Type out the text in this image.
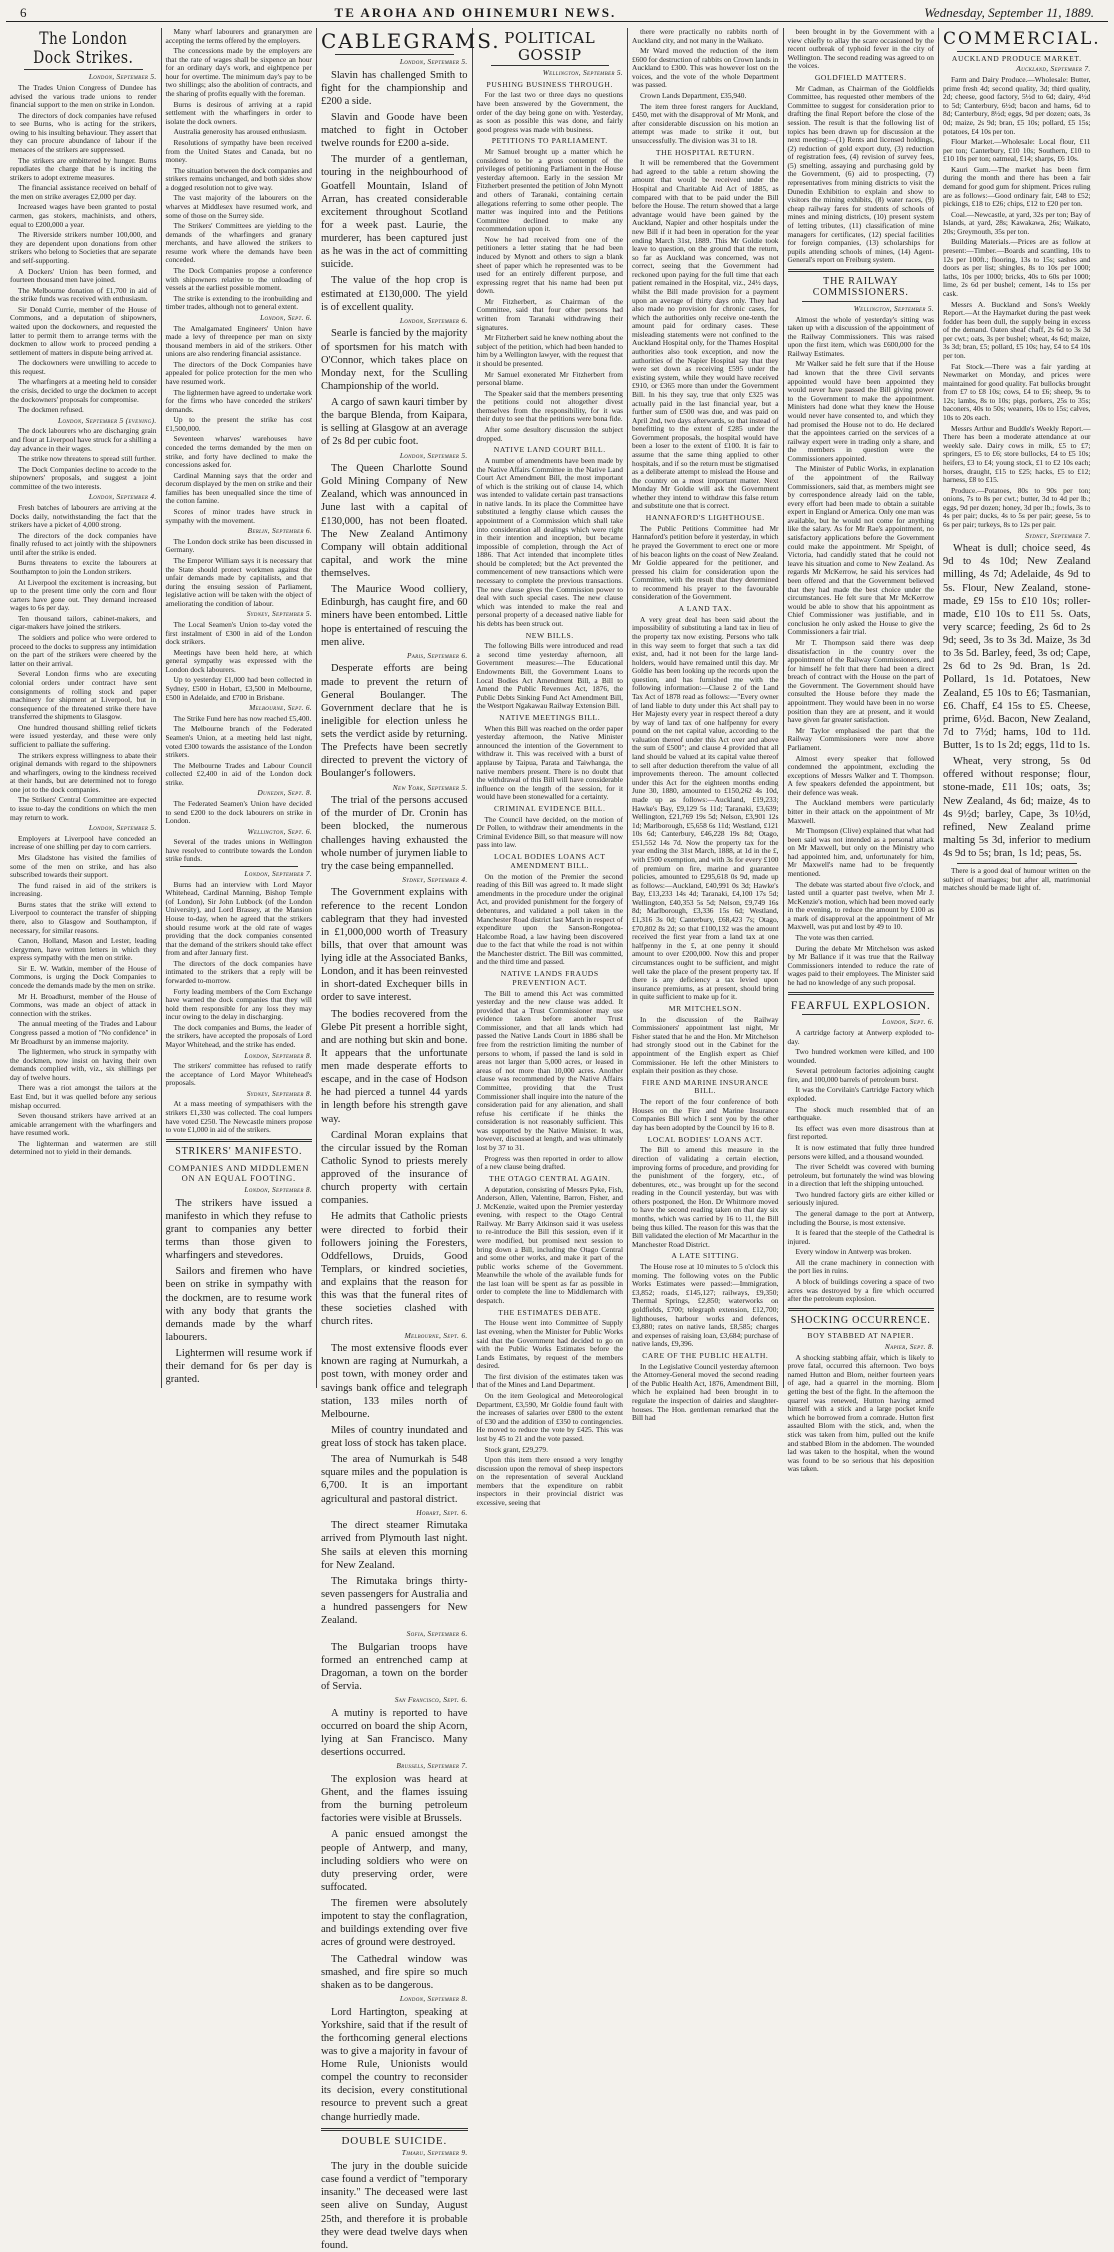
6	TE AROHA AND OHINEMURI NEWS.	Wednesday, September 11, 1889.
The London Dock Strikes.
London, September 5.

The Trades Union Congress of Dundee has advised the various trade unions to render financial support to the men on strike in London.

The directors of dock companies have refused to see Burns, who is acting for the strikers, owing to his insulting behaviour. They assert that they can procure abundance of labour if the menaces of the strikers are suppressed.

The strikers are embittered by hunger. Burns repudiates the charge that he is inciting the strikers to adopt extreme measures.

The financial assistance received on behalf of the men on strike averages £2,000 per day.

Increased wages have been granted to postal carmen, gas stokers, machinists, and others, equal to £200,000 a year.

The Riverside strikers number 100,000, and they are dependent upon donations from other strikers who belong to Societies that are separate and self-supporting.

A Dockers' Union has been formed, and fourteen thousand men have joined.

The Melbourne donation of £1,700 in aid of the strike funds was received with enthusiasm.

Sir Donald Currie, member of the House of Commons, and a deputation of shipowners, waited upon the dockowners, and requested the latter to permit them to arrange terms with the dockmen to allow work to proceed pending a settlement of matters in dispute being arrived at.

The dockowners were unwilling to accede to this request.

The wharfingers at a meeting held to consider the crisis, decided to urge the dockmen to accept the dockowners' proposals for compromise.

The dockmen refused.

London, September 5 (evening).

The dock labourers who are discharging grain and flour at Liverpool have struck for a shilling a day advance in their wages.

The strike now threatens to spread still further.

The Dock Companies decline to accede to the shipowners' proposals, and suggest a joint committee of the two interests.

London, September 4.

Fresh batches of labourers are arriving at the Docks daily, notwithstanding the fact that the strikers have a picket of 4,000 strong.

The directors of the dock companies have finally refused to act jointly with the shipowners until after the strike is ended.

Burns threatens to excite the labourers at Southampton to join the London strikers.

At Liverpool the excitement is increasing, but up to the present time only the corn and flour carters have gone out. They demand increased wages to 6s per day.

Ten thousand tailors, cabinet-makers, and cigar-makers have joined the strikers.

The soldiers and police who were ordered to proceed to the docks to suppress any intimidation on the part of the strikers were cheered by the latter on their arrival.

Several London firms who are executing colonial orders under contract have sent consignments of rolling stock and paper machinery for shipment at Liverpool, but in consequence of the threatened strike there have transferred the shipments to Glasgow.

One hundred thousand shilling relief tickets were issued yesterday, and these were only sufficient to palliate the suffering.

The strikers express willingness to abate their original demands with regard to the shipowners and wharfingers, owing to the kindness received at their hands, but are determined not to forego one jot to the dock companies.

The Strikers' Central Committee are expected to issue to-day the conditions on which the men may return to work.

London, September 5.

Employers at Liverpool have conceded an increase of one shilling per day to corn carriers.

Mrs Gladstone has visited the families of some of the men on strike, and has also subscribed towards their support.

The fund raised in aid of the strikers is increasing.

Burns states that the strike will extend to Liverpool to counteract the transfer of shipping there, also to Glasgow and Southampton, if necessary, for similar reasons.

Canon, Holland, Mason and Lester, leading clergymen, have written letters in which they express sympathy with the men on strike.

Sir E. W. Watkin, member of the House of Commons, is urging the Dock Companies to concede the demands made by the men on strike.

Mr H. Broadhurst, member of the House of Commons, was made an object of attack in connection with the strikes.

The annual meeting of the Trades and Labour Congress passed a motion of "No confidence" in Mr Broadhurst by an immense majority.

The lightermen, who struck in sympathy with the dockmen, now insist on having their own demands complied with, viz., six shillings per day of twelve hours.

There was a riot amongst the tailors at the East End, but it was quelled before any serious mishap occurred.

Seven thousand strikers have arrived at an amicable arrangement with the wharfingers and have resumed work.

The lighterman and watermen are still determined not to yield in their demands.

Many wharf labourers and granarymen are accepting the terms offered by the employers.

The concessions made by the employers are that the rate of wages shall be sixpence an hour for an ordinary day's work, and eightpence per hour for overtime. The minimum day's pay to be two shillings; also the abolition of contracts, and the sharing of profits equally with the foreman.

Burns is desirous of arriving at a rapid settlement with the wharfingers in order to isolate the dock owners.

Australia generosity has aroused enthusiasm.

Resolutions of sympathy have been received from the United States and Canada, but no money.

The situation between the dock companies and strikers remains unchanged, and both sides show a dogged resolution not to give way.

The vast majority of the labourers on the wharves at Middlesex have resumed work, and some of those on the Surrey side.

The Strikers' Committees are yielding to the demands of the wharfingers and granary merchants, and have allowed the strikers to resume work where the demands have been conceded.

The Dock Companies propose a conference with shipowners relative to the unloading of vessels at the earliest possible moment.

The strike is extending to the ironbuilding and timber trades, although not to general extent.

London, Sept. 6.

The Amalgamated Engineers' Union have made a levy of threepence per man on sixty thousand members in aid of the strikers. Other unions are also rendering financial assistance.

The directors of the Dock Companies have appealed for police protection for the men who have resumed work.

The lightermen have agreed to undertake work for the firms who have conceded the strikers' demands.

Up to the present the strike has cost £1,500,000.

Seventeen wharves' warehouses have conceded the terms demanded by the men on strike, and forty have declined to make the concessions asked for.

Cardinal Manning says that the order and decorum displayed by the men on strike and their families has been unequalled since the time of the cotton famine.

Scores of minor trades have struck in sympathy with the movement.

Berlin, September 6.

The London dock strike has been discussed in Germany.

The Emperor William says it is necessary that the State should protect workmen against the unfair demands made by capitalists, and that during the ensuing session of Parliament, legislative action will be taken with the object of ameliorating the condition of labour.

Sydney, September 5.

The Local Seamen's Union to-day voted the first instalment of £300 in aid of the London dock strikers.

Meetings have been held here, at which general sympathy was expressed with the London dock labourers.

Up to yesterday £1,000 had been collected in Sydney, £500 in Hobart, £3,500 in Melbourne, £500 in Adelaide, and £700 in Brisbane.

Melbourne, Sept. 6.

The Strike Fund here has now reached £5,400.

The Melbourne branch of the Federated Seamen's Union, at a meeting held last night, voted £300 towards the assistance of the London strikers.

The Melbourne Trades and Labour Council collected £2,400 in aid of the London dock strike.

Dunedin, Sept. 8.

The Federated Seamen's Union have decided to send £200 to the dock labourers on strike in London.

Wellington, Sept. 6.

Several of the trades unions in Wellington have resolved to contribute towards the London strike funds.

London, September 7.

Burns had an interview with Lord Mayor Whitehead, Cardinal Manning, Bishop Temple (of London), Sir John Lubbock (of the London University), and Lord Brassey, at the Mansion House to-day, when he agreed that the strikers should resume work at the old rate of wages providing that the dock companies consented that the demand of the strikers should take effect from and after January first.

The directors of the dock companies have intimated to the strikers that a reply will be forwarded to-morrow.

Forty leading members of the Corn Exchange have warned the dock companies that they will hold them responsible for any loss they may incur owing to the delay in discharging.

The dock companies and Burns, the leader of the strikers, have accepted the proposals of Lord Mayor Whitehead, and the strike has ended.

London, September 8.

The strikers' committee has refused to ratify the acceptance of Lord Mayor Whitehead's proposals.

Sydney, September 8.

At a mass meeting of sympathisers with the strikers £1,330 was collected. The coal lumpers have voted £250. The Newcastle miners propose to vote £1,000 in aid of the strikers.

STRIKERS' MANIFESTO.
COMPANIES AND MIDDLEMEN ON AN EQUAL FOOTING.
London, September 8.

The strikers have issued a manifesto in which they refuse to grant to companies any better terms than those given to wharfingers and stevedores.

Sailors and firemen who have been on strike in sympathy with the dockmen, are to resume work with any body that grants the demands made by the wharf labourers.

Lightermen will resume work if their demand for 6s per day is granted.

CABLEGRAMS.
London, September 5.

Slavin has challenged Smith to fight for the championship and £200 a side.

Slavin and Goode have been matched to fight in October twelve rounds for £200 a-side.

The murder of a gentleman, touring in the neighbourhood of Goatfell Mountain, Island of Arran, has created considerable excitement throughout Scotland for a week past. Laurie, the murderer, has been captured just as he was in the act of committing suicide.

The value of the hop crop is estimated at £130,000. The yield is of excellent quality.

London, September 6.

Searle is fancied by the majority of sportsmen for his match with O'Connor, which takes place on Monday next, for the Sculling Championship of the world.

A cargo of sawn kauri timber by the barque Blenda, from Kaipara, is selling at Glasgow at an average of 2s 8d per cubic foot.

London, September 5.

The Queen Charlotte Sound Gold Mining Company of New Zealand, which was announced in June last with a capital of £130,000, has not been floated. The New Zealand Antimony Company will obtain additional capital, and work the mine themselves.

The Maurice Wood colliery, Edinburgh, has caught fire, and 60 miners have been entombed. Little hope is entertained of rescuing the men alive.

Paris, September 6.

Desperate efforts are being made to prevent the return of General Boulanger. The Government declare that he is ineligible for election unless he sets the verdict aside by returning. The Prefects have been secretly directed to prevent the victory of Boulanger's followers.

New York, September 5.

The trial of the persons accused of the murder of Dr. Cronin has been blocked, the numerous challenges having exhausted the whole number of jurymen liable to try the case being empannelled.

Sydney, September 4.

The Government explains with reference to the recent London cablegram that they had invested in £1,000,000 worth of Treasury bills, that over that amount was lying idle at the Associated Banks, London, and it has been reinvested in short-dated Exchequer bills in order to save interest.

The bodies recovered from the Glebe Pit present a horrible sight, and are nothing but skin and bone. It appears that the unfortunate men made desperate efforts to escape, and in the case of Hodson he had pierced a tunnel 44 yards in length before his strength gave way.

Cardinal Moran explains that the circular issued by the Roman Catholic Synod to priests merely approved of the insurance of church property with certain companies.

He admits that Catholic priests were directed to forbid their followers joining the Foresters, Oddfellows, Druids, Good Templars, or kindred societies, and explains that the reason for this was that the funeral rites of these societies clashed with church rites.

Melbourne, Sept. 6.

The most extensive floods ever known are raging at Numurkah, a post town, with money order and savings bank office and telegraph station, 133 miles north of Melbourne.

Miles of country inundated and great loss of stock has taken place.

The area of Numurkah is 548 square miles and the population is 6,700. It is an important agricultural and pastoral district.

Hobart, Sept. 6.

The direct steamer Rimutaka arrived from Plymouth last night. She sails at eleven this morning for New Zealand.

The Rimutaka brings thirty-seven passengers for Australia and a hundred passengers for New Zealand.

Sofia, September 6.

The Bulgarian troops have formed an entrenched camp at Dragoman, a town on the border of Servia.

San Francisco, Sept. 6.

A mutiny is reported to have occurred on board the ship Acorn, lying at San Francisco. Many desertions occurred.

Brussels, September 7.

The explosion was heard at Ghent, and the flames issuing from the burning petroleum factories were visible at Brussels.

A panic ensued amongst the people of Antwerp, and many, including soldiers who were on duty preserving order, were suffocated.

The firemen were absolutely impotent to stay the conflagration, and buildings extending over five acres of ground were destroyed.

The Cathedral window was smashed, and fire spire so much shaken as to be dangerous.

London, September 8.

Lord Hartington, speaking at Yorkshire, said that if the result of the forthcoming general elections was to give a majority in favour of Home Rule, Unionists would compel the country to reconsider its decision, every constitutional resource to prevent such a great change hurriedly made.

DOUBLE SUICIDE.
Timaru, September 9.

The jury in the double suicide case found a verdict of "temporary insanity." The deceased were last seen alive on Sunday, August 25th, and therefore it is probable they were dead twelve days when found.

POLITICAL GOSSIP
Wellington, September 5.
PUSHING BUSINESS THROUGH.

For the last two or three days no questions have been answered by the Government, the order of the day being gone on with. Yesterday, as soon as possible this was done, and fairly good progress was made with business.

PETITIONS TO PARLIAMENT.

Mr Samuel brought up a matter which he considered to be a gross contempt of the privileges of petitioning Parliament in the House yesterday afternoon. Early in the session Mr Fitzherbert presented the petition of John Mynott and others of Taranaki, containing certain allegations referring to some other people. The matter was inquired into and the Petitions Committee declined to make any recommendation upon it.

Now he had received from one of the petitioners a letter stating that he had been induced by Mynott and others to sign a blank sheet of paper which he represented was to be used for an entirely different purpose, and expressing regret that his name had been put down.

Mr Fitzherbert, as Chairman of the Committee, said that four other persons had written from Taranaki withdrawing their signatures.

Mr Fitzherbert said he knew nothing about the subject of the petition, which had been handed to him by a Wellington lawyer, with the request that it should be presented.

Mr Samuel exonerated Mr Fitzherbert from personal blame.

The Speaker said that the members presenting the petitions could not altogether divest themselves from the responsibility, for it was their duty to see that the petitions were bona fide.

After some desultory discussion the subject dropped.

NATIVE LAND COURT BILL.

A number of amendments have been made by the Native Affairs Committee in the Native Land Court Act Amendment Bill, the most important of which is the striking out of clause 14, which was intended to validate certain past transactions in native lands. In its place the Committee have substituted a lengthy clause which causes the appointment of a Commission which shall take into consideration all dealings which were right in their intention and inception, but became impossible of completion, through the Act of 1886. That Act intended that incomplete titles should be completed; but the Act prevented the commencement of new transactions which were necessary to complete the previous transactions. The new clause gives the Commission power to deal with such special cases. The new clause which was intended to make the real and personal property of a deceased native liable for his debts has been struck out.

NEW BILLS.

The following Bills were introduced and read a second time yesterday afternoon, all Government measures:—The Educational Endowments Bill, the Government Loans to Local Bodies Act Amendment Bill, a Bill to Amend the Public Revenues Act, 1876, the Public Debts Sinking Fund Act Amendment Bill, the Westport Ngakawau Railway Extension Bill.

NATIVE MEETINGS BILL.

When this Bill was reached on the order paper yesterday afternoon, the Native Minister announced the intention of the Government to withdraw it. This was received with a burst of applause by Taipua, Parata and Taiwhanga, the native members present. There is no doubt that the withdrawal of this Bill will have considerable influence on the length of the session, for it would have been stonewalled for a certainty.

CRIMINAL EVIDENCE BILL.

The Council have decided, on the motion of Dr Pollen, to withdraw their amendments in the Criminal Evidence Bill, so that measure will now pass into law.

LOCAL BODIES LOANS ACT AMENDMENT BILL.

On the motion of the Premier the second reading of this Bill was agreed to. It made slight amendments in the procedure under the original Act, and provided punishment for the forgery of debentures, and validated a poll taken in the Manchester Road district last March in respect of expenditure upon the Sanson-Rongotea-Halcombe Road, a law having been discovered due to the fact that while the road is not within the Manchester district. The Bill was committed, and the third time and passed.

NATIVE LANDS FRAUDS PREVENTION ACT.

The Bill to amend this Act was committed yesterday and the new clause was added. It provided that a Trust Commissioner may use evidence taken before another Trust Commissioner, and that all lands which had passed the Native Lands Court in 1886 shall be free from the restriction limiting the number of persons to whom, if passed the land is sold in areas not larger than 5,000 acres, or leased in areas of not more than 10,000 acres. Another clause was recommended by the Native Affairs Committee, providing that the Trust Commissioner shall inquire into the nature of the consideration paid for any alienation, and shall refuse his certificate if he thinks the consideration is not reasonably sufficient. This was supported by the Native Minister. It was, however, discussed at length, and was ultimately lost by 37 to 31.

Progress was then reported in order to allow of a new clause being drafted.

THE OTAGO CENTRAL AGAIN.

A deputation, consisting of Messrs Pyke, Fish, Anderson, Allen, Valentine, Barron, Fisher, and J. McKenzie, waited upon the Premier yesterday evening, with respect to the Otago Central Railway. Mr Barry Atkinson said it was useless to re-introduce the Bill this session, even if it were modified, but promised next session to bring down a Bill, including the Otago Central and some other works, and make it part of the public works scheme of the Government. Meanwhile the whole of the available funds for the last loan will be spent as far as possible in order to complete the line to Middlemarch with despatch.

THE ESTIMATES DEBATE.

The House went into Committee of Supply last evening, when the Minister for Public Works said that the Government had decided to go on with the Public Works Estimates before the Lands Estimates, by request of the members desired.

The first division of the estimates taken was that of the Mines and Land Department.

On the item Geological and Meteorological Department, £3,590, Mr Goldie found fault with the increases of salaries over £800 to the extent of £30 and the addition of £350 to contingencies. He moved to reduce the vote by £425. This was lost by 45 to 21 and the vote passed.

Stock grant, £29,279.

Upon this item there ensued a very lengthy discussion upon the removal of sheep inspectors on the representation of several Auckland members that the expenditure on rabbit inspectors in their provincial district was excessive, seeing that

there were practically no rabbits north of Auckland city, and not many in the Waikato.

Mr Ward moved the reduction of the item £600 for destruction of rabbits on Crown lands in Auckland to £300. This was however lost on the voices, and the vote of the whole Department was passed.

Crown Lands Department, £35,940.

The item three forest rangers for Auckland, £450, met with the disapproval of Mr Monk, and after considerable discussion on his motion an attempt was made to strike it out, but unsuccessfully. The division was 31 to 18.

THE HOSPITAL RETURN.

It will be remembered that the Government had agreed to the table a return showing the amount that would be received under the Hospital and Charitable Aid Act of 1885, as compared with that to be paid under the Bill before the House. The return showed that a large advantage would have been gained by the Auckland, Napier and other hospitals under the new Bill if it had been in operation for the year ending March 31st, 1889. This Mr Goldie took leave to question, on the ground that the return, so far as Auckland was concerned, was not correct, seeing that the Government had reckoned upon paying for the full time that each patient remained in the Hospital, viz., 24½ days, whilst the Bill made provision for a payment upon an average of thirty days only. They had also made no provision for chronic cases, for which the authorities only receive one-tenth the amount paid for ordinary cases. These misleading statements were not confined to the Auckland Hospital only, for the Thames Hospital authorities also took exception, and now the authorities of the Napier Hospital say that they were set down as receiving £595 under the existing system, while they would have received £910, or £365 more than under the Government Bill. In his they say, true that only £325 was actually paid in the last financial year, but a further sum of £500 was due, and was paid on April 2nd, two days afterwards, so that instead of benefitting to the extent of £285 under the Government proposals, the hospital would have been a loser to the extent of £100. It is fair to assume that the same thing applied to other hospitals, and if so the return must be stigmatised as a deliberate attempt to mislead the House and the country on a most important matter. Next Monday Mr Goldie will ask the Government whether they intend to withdraw this false return and substitute one that is correct.

HANNAFORD'S LIGHTHOUSE.

The Public Petitions Committee had Mr Hannaford's petition before it yesterday, in which he prayed the Government to erect one or more of his beacon lights on the coast of New Zealand. Mr Goldie appeared for the petitioner, and pressed his claim for consideration upon the Committee, with the result that they determined to recommend his prayer to the favourable consideration of the Government.

A LAND TAX.

A very great deal has been said about the impossibility of substituting a land tax in lieu of the property tax now existing. Persons who talk in this way seem to forget that such a tax did exist, and, had it not been for the large land-holders, would have remained until this day. Mr Goldie has been looking up the records upon the question, and has furnished me with the following information:—Clause 2 of the Land Tax Act of 1878 read as follows:—"Every owner of land liable to duty under this Act shall pay to Her Majesty every year in respect thereof a duty by way of land tax of one halfpenny for every pound on the net capital value, according to the valuation thereof under this Act over and above the sum of £500"; and clause 4 provided that all land should be valued at its capital value thereof to sell after deduction therefrom the value of all improvements thereon. The amount collected under this Act for the eighteen months ending June 30, 1880, amounted to £150,262 4s 10d, made up as follows:—Auckland, £19,233; Hawke's Bay, £9,129 5s 11d; Taranaki, £3,639; Wellington, £21,769 19s 5d; Nelson, £3,901 12s 1d; Marlborough, £5,658 6s 11d; Westland, £121 10s 6d; Canterbury, £46,228 19s 8d; Otago, £51,552 14s 7d. Now the property tax for the year ending the 31st March, 1888, at 1d in the £, with £500 exemption, and with 3s for every £100 of premium on fire, marine and guarantee policies, amounted to £295,618 0s 9d, made up as follows:—Auckland, £40,991 0s 3d; Hawke's Bay, £13,233 14s 4d; Taranaki, £4,100 17s 5d; Wellington, £40,353 5s 5d; Nelson, £9,749 16s 8d; Marlborough, £3,336 15s 6d; Westland, £1,316 3s 0d; Canterbury, £68,423 7s; Otago, £70,802 8s 2d; so that £100,132 was the amount received the first year from a land tax at one halfpenny in the £, at one penny it should amount to over £200,000. Now this and proper circumstances ought to be sufficient, and might well take the place of the present property tax. If there is any deficiency a tax levied upon insurance premiums, as at present, should bring in quite sufficient to make up for it.

MR MITCHELSON.

In the discussion of the Railway Commissioners' appointment last night, Mr Fisher stated that he and the Hon. Mr Mitchelson had strongly stood out in the Cabinet for the appointment of the English expert as Chief Commissioner. He left the other Ministers to explain their position as they chose.

FIRE AND MARINE INSURANCE BILL.

The report of the four conference of both Houses on the Fire and Marine Insurance Companies Bill which I sent you by the other day has been adopted by the Council by 16 to 8.

LOCAL BODIES' LOANS ACT.

The Bill to amend this measure in the direction of validating a certain election, improving forms of procedure, and providing for the punishment of the forgery, etc., of debentures, etc., was brought up for the second reading in the Council yesterday, but was with others postponed, the Hon. Dr Whitmore moved to have the second reading taken on that day six months, which was carried by 16 to 11, the Bill being thus killed. The reason for this was that the Bill validated the election of Mr Macarthur in the Manchester Road District.

A LATE SITTING.

The House rose at 10 minutes to 5 o'clock this morning. The following votes on the Public Works Estimates were passed:—Immigration, £3,852; roads, £145,127; railways, £9,350; Thermal Springs, £2,850; waterworks on goldfields, £700; telegraph extension, £12,700; lighthouses, harbour works and defences, £3,880; rates on native lands, £8,585; charges and expenses of raising loan, £3,684; purchase of native lands, £9,396.

CARE OF THE PUBLIC HEALTH.

In the Legislative Council yesterday afternoon the Attorney-General moved the second reading of the Public Health Act, 1876, Amendment Bill, which he explained had been brought in to regulate the inspection of dairies and slaughter-houses. The Hon. gentleman remarked that the Bill had

been brought in by the Government with a view chiefly to allay the scare occasioned by the recent outbreak of typhoid fever in the city of Wellington. The second reading was agreed to on the voices.

GOLDFIELD MATTERS.

Mr Cadman, as Chairman of the Goldfields Committee, has requested other members of the Committee to suggest for consideration prior to drafting the final Report before the close of the session. The result is that the following list of topics has been drawn up for discussion at the next meeting:—(1) Rents and licensed holdings, (2) reduction of gold export duty, (3) reduction of registration fees, (4) revision of survey fees, (5) smelting, assaying and purchasing gold by the Government, (6) aid to prospecting, (7) representatives from mining districts to visit the Dunedin Exhibition to explain and show to visitors the mining exhibits, (8) water races, (9) cheap railway fares for students of schools of mines and mining districts, (10) present system of letting tributes, (11) classification of mine managers for certificates, (12) special facilities for foreign companies, (13) scholarships for pupils attending schools of mines, (14) Agent-General's report on Freiburg system.

THE RAILWAY COMMISSIONERS.
Wellington, September 5.

Almost the whole of yesterday's sitting was taken up with a discussion of the appointment of the Railway Commissioners. This was raised upon the first item, which was £600,000 for the Railway Estimates.

Mr Walker said he felt sure that if the House had known that the three Civil servants appointed would have been appointed they would never have passed the Bill giving power to the Government to make the appointment. Ministers had done what they knew the House would never have consented to, and which they had promised the House not to do. He declared that the appointees carried on the services of a railway expert were in trading only a share, and the members in question were the Commissioners appointed.

The Minister of Public Works, in explanation of the appointment of the Railway Commissioners, said that, as members might see by correspondence already laid on the table, every effort had been made to obtain a suitable expert in England or America. Only one man was available, but he would not come for anything like the salary. As for Mr Rae's appointment, no satisfactory applications before the Government could make the appointment. Mr Speight, of Victoria, had candidly stated that he could not leave his situation and come to New Zealand. As regards Mr McKerrow, he said his services had been offered and that the Government believed that they had made the best choice under the circumstances. He felt sure that Mr McKerrow would be able to show that his appointment as Chief Commissioner was justifiable, and in conclusion he only asked the House to give the Commissioners a fair trial.

Mr T. Thompson said there was deep dissatisfaction in the country over the appointment of the Railway Commissioners, and for himself he felt that there had been a direct breach of contract with the House on the part of the Government. The Government should have consulted the House before they made the appointment. They would have been in no worse position than they are at present, and it would have given far greater satisfaction.

Mr Taylor emphasised the part that the Railway Commissioners were now above Parliament.

Almost every speaker that followed condemned the appointment, excluding the exceptions of Messrs Walker and T. Thompson. A few speakers defended the appointment, but their defence was weak.

The Auckland members were particularly bitter in their attack on the appointment of Mr Maxwell.

Mr Thompson (Clive) explained that what had been said was not intended as a personal attack on Mr Maxwell, but only on the Ministry who had appointed him, and, unfortunately for him, Mr Maxwell's name had to be frequently mentioned.

The debate was started about five o'clock, and lasted until a quarter past twelve, when Mr J. McKenzie's motion, which had been moved early in the evening, to reduce the amount by £100 as a mark of disapproval at the appointment of Mr Maxwell, was put and lost by 49 to 10.

The vote was then carried.

During the debate Mr Mitchelson was asked by Mr Ballance if it was true that the Railway Commissioners intended to reduce the rate of wages paid to their employees. The Minister said he had no knowledge of any such proposal.

FEARFUL EXPLOSION.
London, Sept. 6.

A cartridge factory at Antwerp exploded to-day.

Two hundred workmen were killed, and 100 wounded.

Several petroleum factories adjoining caught fire, and 100,000 barrels of petroleum burst.

It was the Corvilain's Cartridge Factory which exploded.

The shock much resembled that of an earthquake.

Its effect was even more disastrous than at first reported.

It is now estimated that fully three hundred persons were killed, and a thousand wounded.

The river Scheldt was covered with burning petroleum, but fortunately the wind was blowing in a direction that left the shipping untouched.

Two hundred factory girls are either killed or seriously injured.

The general damage to the port at Antwerp, including the Bourse, is most extensive.

It is feared that the steeple of the Cathedral is injured.

Every window in Antwerp was broken.

All the crane machinery in connection with the port lies in ruins.

A block of buildings covering a space of two acres was destroyed by a fire which occurred after the petroleum explosion.

SHOCKING OCCURRENCE.
BOY STABBED AT NAPIER.
Napier, Sept. 8.

A shocking stabbing affair, which is likely to prove fatal, occurred this afternoon. Two boys named Hutton and Blom, neither fourteen years of age, had a quarrel in the morning. Blom getting the best of the fight. In the afternoon the quarrel was renewed, Hutton having armed himself with a stick and a large pocket knife which he borrowed from a comrade. Hutton first assaulted Blom with the stick, and, when the stick was taken from him, pulled out the knife and stabbed Blom in the abdomen. The wounded lad was taken to the hospital, when the wound was found to be so serious that his deposition was taken.

COMMERCIAL.
AUCKLAND PRODUCE MARKET.
Auckland, September 7.

Farm and Dairy Produce.—Wholesale: Butter, prime fresh 4d; second quality, 3d; third quality, 2d; cheese, good factory, 5½d to 6d; dairy, 4½d to 5d; Canterbury, 6½d; bacon and hams, 6d to 8d; Canterbury, 8½d; eggs, 9d per dozen; oats, 3s 0d; maize, 2s 9d; bran, £5 10s; pollard, £5 15s; potatoes, £4 10s per ton.

Flour Market.—Wholesale: Local flour, £11 per ton; Canterbury, £10 10s; Southern, £10 to £10 10s per ton; oatmeal, £14; sharps, £6 10s.

Kauri Gum.—The market has been firm during the month and there has been a fair demand for good gum for shipment. Prices ruling are as follows:—Good ordinary fair, £48 to £52; pickings, £18 to £26; chips, £12 to £20 per ton.

Coal.—Newcastle, at yard, 32s per ton; Bay of Islands, at yard, 28s; Kawakawa, 26s; Waikato, 20s; Greymouth, 35s per ton.

Building Materials.—Prices are as follow at present:—Timber.—Boards and scantling, 10s to 12s per 100ft.; flooring, 13s to 15s; sashes and doors as per list; shingles, 8s to 10s per 1000; laths, 10s per 1000; bricks, 40s to 60s per 1000; lime, 2s 6d per bushel; cement, 14s to 15s per cask.

Messrs A. Buckland and Sons's Weekly Report.—At the Haymarket during the past week fodder has been dull, the supply being in excess of the demand. Oaten sheaf chaff, 2s 6d to 3s 3d per cwt.; oats, 3s per bushel; wheat, 4s 6d; maize, 3s 3d; bran, £5; pollard, £5 10s; hay, £4 to £4 10s per ton.

Fat Stock.—There was a fair yarding at Newmarket on Monday, and prices were maintained for good quality. Fat bullocks brought from £7 to £8 10s; cows, £4 to £6; sheep, 9s to 12s; lambs, 8s to 10s; pigs, porkers, 25s to 35s; baconers, 40s to 50s; weaners, 10s to 15s; calves, 10s to 20s each.

Messrs Arthur and Buddle's Weekly Report.—There has been a moderate attendance at our weekly sale. Dairy cows in milk, £5 to £7; springers, £5 to £6; store bullocks, £4 to £5 10s; heifers, £3 to £4; young stock, £1 to £2 10s each; horses, draught, £15 to £25; hacks, £5 to £12; harness, £8 to £15.

Produce.—Potatoes, 80s to 90s per ton; onions, 7s to 8s per cwt.; butter, 3d to 4d per lb.; eggs, 9d per dozen; honey, 3d per lb.; fowls, 3s to 4s per pair; ducks, 4s to 5s per pair; geese, 5s to 6s per pair; turkeys, 8s to 12s per pair.

Sydney, September 7.

Wheat is dull; choice seed, 4s 9d to 4s 10d; New Zealand milling, 4s 7d; Adelaide, 4s 9d to 5s. Flour, New Zealand, stone-made, £9 15s to £10 10s; roller-made, £10 10s to £11 5s. Oats, very scarce; feeding, 2s 6d to 2s 9d; seed, 3s to 3s 3d. Maize, 3s 3d to 3s 5d. Barley, feed, 3s od; Cape, 2s 6d to 2s 9d. Bran, 1s 2d. Pollard, 1s 1d. Potatoes, New Zealand, £5 10s to £6; Tasmanian, £6. Chaff, £4 15s to £5. Cheese, prime, 6½d. Bacon, New Zealand, 7d to 7½d; hams, 10d to 11d. Butter, 1s to 1s 2d; eggs, 11d to 1s.

Wheat, very strong, 5s 0d offered without response; flour, stone-made, £11 10s; oats, 3s; New Zealand, 4s 6d; maize, 4s to 4s 9½d; barley, Cape, 3s 10½d, refined, New Zealand prime malting 5s 3d, inferior to medium 4s 9d to 5s; bran, 1s 1d; peas, 5s.

There is a good deal of humour written on the subject of marriages; but after all, matrimonial matches should be made light of.
